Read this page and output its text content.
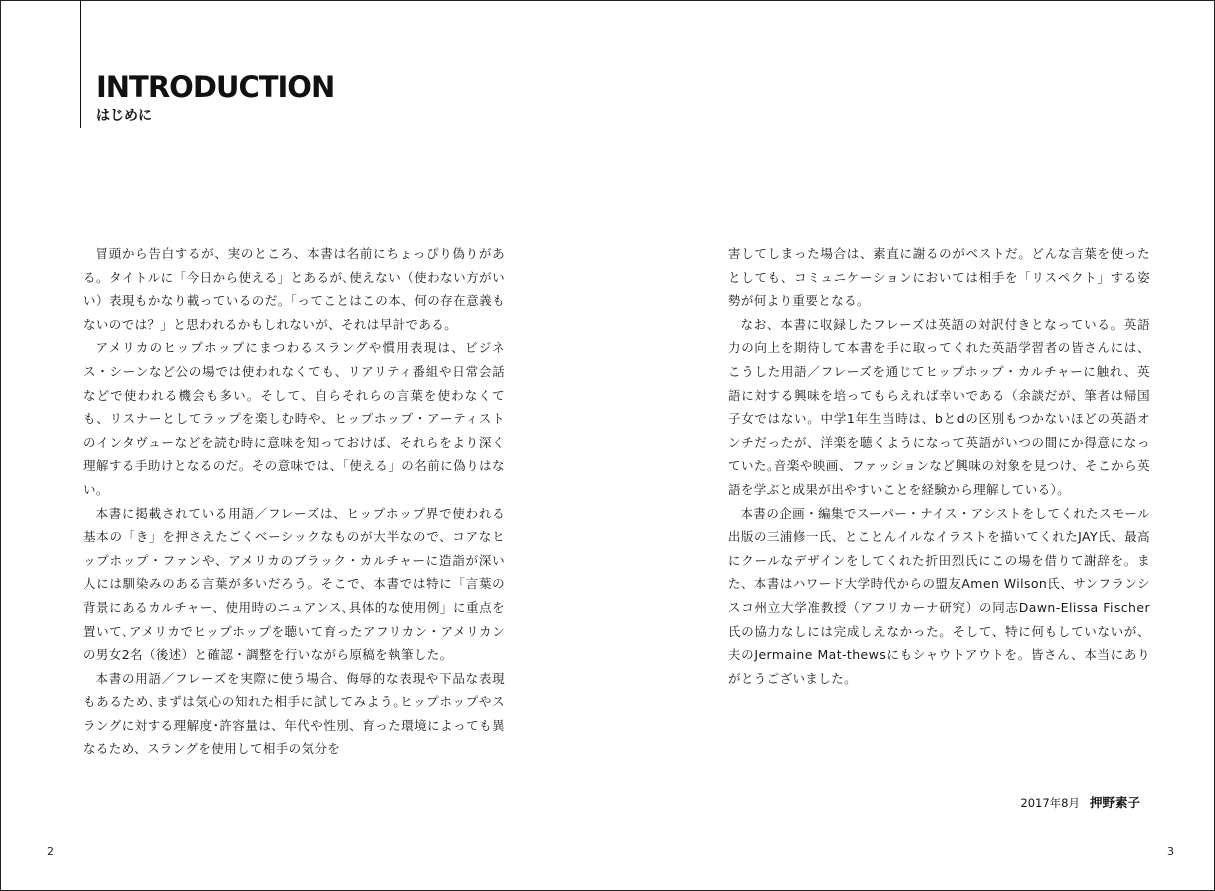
INTRODUCTION
はじめに

冒頭から告白するが、実のところ、本書は名前にちょっぴり偽りがある。タイトルに「今日から使える」とあるが､使えない（使わない方がいい）表現もかなり載っているのだ。「ってことはこの本、何の存在意義もないのでは？」と思われるかもしれないが、それは早計である。

アメリカのヒップホップにまつわるスラングや慣用表現は、ビジネス・シーンなど公の場では使われなくても、リアリティ番組や日常会話などで使われる機会も多い。そして、自らそれらの言葉を使わなくても、リスナーとしてラップを楽しむ時や、ヒップホップ・アーティストのインタヴューなどを読む時に意味を知っておけば、それらをより深く理解する手助けとなるのだ。その意味では、「使える」の名前に偽りはない。

本書に掲載されている用語／フレーズは、ヒップホップ界で使われる基本の「き」を押さえたごくベーシックなものが大半なので、コアなヒップホップ・ファンや、アメリカのブラック・カルチャーに造詣が深い人には馴染みのある言葉が多いだろう。そこで、本書では特に「言葉の背景にあるカルチャー、使用時のニュアンス､具体的な使用例」に重点を置いて､アメリカでヒップホップを聴いて育ったアフリカン・アメリカンの男女2名（後述）と確認・調整を行いながら原稿を執筆した。

本書の用語／フレーズを実際に使う場合、侮辱的な表現や下品な表現もあるため､まずは気心の知れた相手に試してみよう｡ヒップホップやスラングに対する理解度･許容量は、年代や性別、育った環境によっても異なるため、スラングを使用して相手の気分を

害してしまった場合は、素直に謝るのがベストだ。どんな言葉を使ったとしても、コミュニケーションにおいては相手を「リスペクト」する姿勢が何より重要となる。

なお、本書に収録したフレーズは英語の対訳付きとなっている。英語力の向上を期待して本書を手に取ってくれた英語学習者の皆さんには、こうした用語／フレーズを通じてヒップホップ・カルチャーに触れ、英語に対する興味を培ってもらえれば幸いである（余談だが、筆者は帰国子女ではない。中学1年生当時は、bとdの区別もつかないほどの英語オンチだったが、洋楽を聴くようになって英語がいつの間にか得意になっていた｡音楽や映画、ファッションなど興味の対象を見つけ、そこから英語を学ぶと成果が出やすいことを経験から理解している）。

本書の企画・編集でスーパー・ナイス・アシストをしてくれたスモール出版の三浦修一氏、とことんイルなイラストを描いてくれたJAY氏、最高にクールなデザインをしてくれた折田烈氏にこの場を借りて謝辞を。また、本書はハワード大学時代からの盟友Amen Wilson氏、サンフランシスコ州立大学准教授（アフリカーナ研究）の同志Dawn-Elissa Fischer氏の協力なしには完成しえなかった。そして、特に何もしていないが、夫のJermaine Mat-thewsにもシャウトアウトを。皆さん、本当にありがとうございました。

2017年8月 押野素子
2	3
